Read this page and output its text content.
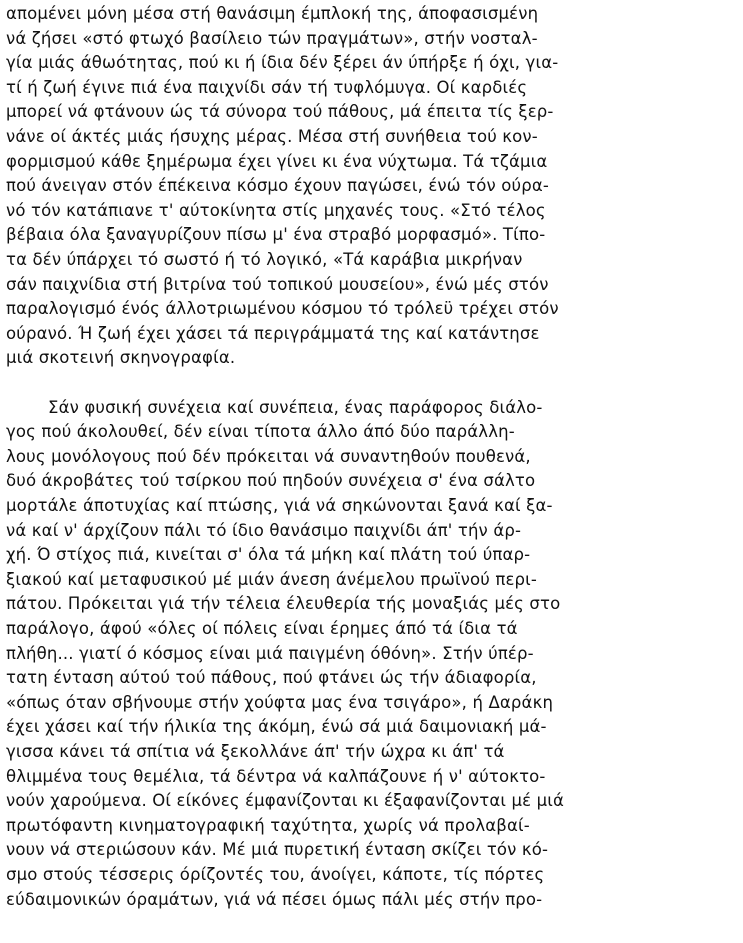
απομένει μόνη μέσα στή θανάσιμη έμπλοκή της, άποφασισμένη
νά ζήσει «στό φτωχό βασίλειο τών πραγμάτων», στήν νοσταλ-
γία μιάς άθωότητας, πού κι ή ίδια δέν ξέρει άν ύπήρξε ή όχι, για-
τί ή ζωή έγινε πιά ένα παιχνίδι σάν τή τυφλόμυγα. Οί καρδιές
μπορεί νά φτάνουν ώς τά σύνορα τού πάθους, μά έπειτα τίς ξερ-
νάνε οί άκτές μιάς ήσυχης μέρας. Μέσα στή συνήθεια τού κον-
φορμισμού κάθε ξημέρωμα έχει γίνει κι ένα νύχτωμα. Τά τζάμια
πού άνειγαν στόν έπέκεινα κόσμο έχουν παγώσει, ένώ τόν ούρα-
νό τόν κατάπιανε τ' αύτοκίνητα στίς μηχανές τους. «Στό τέλος
βέβαια όλα ξαναγυρίζουν πίσω μ' ένα στραβό μορφασμό». Τίπο-
τα δέν ύπάρχει τό σωστό ή τό λογικό, «Τά καράβια μικρήναν
σάν παιχνίδια στή βιτρίνα τού τοπικού μουσείου», ένώ μές στόν
παραλογισμό ένός άλλοτριωμένου κόσμου τό τρόλεϋ τρέχει στόν
ούρανό. Ή ζωή έχει χάσει τά περιγράμματά της καί κατάντησε
μιά σκοτεινή σκηνογραφία.
Σάν φυσική συνέχεια καί συνέπεια, ένας παράφορος διάλο-
γος πού άκολουθεί, δέν είναι τίποτα άλλο άπό δύο παράλλη-
λους μονόλογους πού δέν πρόκειται νά συναντηθούν πουθενά,
δυό άκροβάτες τού τσίρκου πού πηδούν συνέχεια σ' ένα σάλτο
μορτάλε άποτυχίας καί πτώσης, γιά νά σηκώνονται ξανά καί ξα-
νά καί ν' άρχίζουν πάλι τό ίδιο θανάσιμο παιχνίδι άπ' τήν άρ-
χή. Ό στίχος πιά, κινείται σ' όλα τά μήκη καί πλάτη τού ύπαρ-
ξιακού καί μεταφυσικού μέ μιάν άνεση άνέμελου πρωϊνού περι-
πάτου. Πρόκειται γιά τήν τέλεια έλευθερία τής μοναξιάς μές στο
παράλογο, άφού «όλες οί πόλεις είναι έρημες άπό τά ίδια τά
πλήθη... γιατί ό κόσμος είναι μιά παιγμένη όθόνη». Στήν ύπέρ-
τατη ένταση αύτού τού πάθους, πού φτάνει ώς τήν άδιαφορία,
«όπως όταν σβήνουμε στήν χούφτα μας ένα τσιγάρο», ή Δαράκη
έχει χάσει καί τήν ήλικία της άκόμη, ένώ σά μιά δαιμονιακή μά-
γισσα κάνει τά σπίτια νά ξεκολλάνε άπ' τήν ώχρα κι άπ' τά
θλιμμένα τους θεμέλια, τά δέντρα νά καλπάζουνε ή ν' αύτοκτο-
νούν χαρούμενα. Οί είκόνες έμφανίζονται κι έξαφανίζονται μέ μιά
πρωτόφαντη κινηματογραφική ταχύτητα, χωρίς νά προλαβαί-
νουν νά στεριώσουν κάν. Μέ μιά πυρετική ένταση σκίζει τόν κό-
σμο στούς τέσσερις όρίζοντές του, άνοίγει, κάποτε, τίς πόρτες
εύδαιμονικών όραμάτων, γιά νά πέσει όμως πάλι μές στήν προ-
